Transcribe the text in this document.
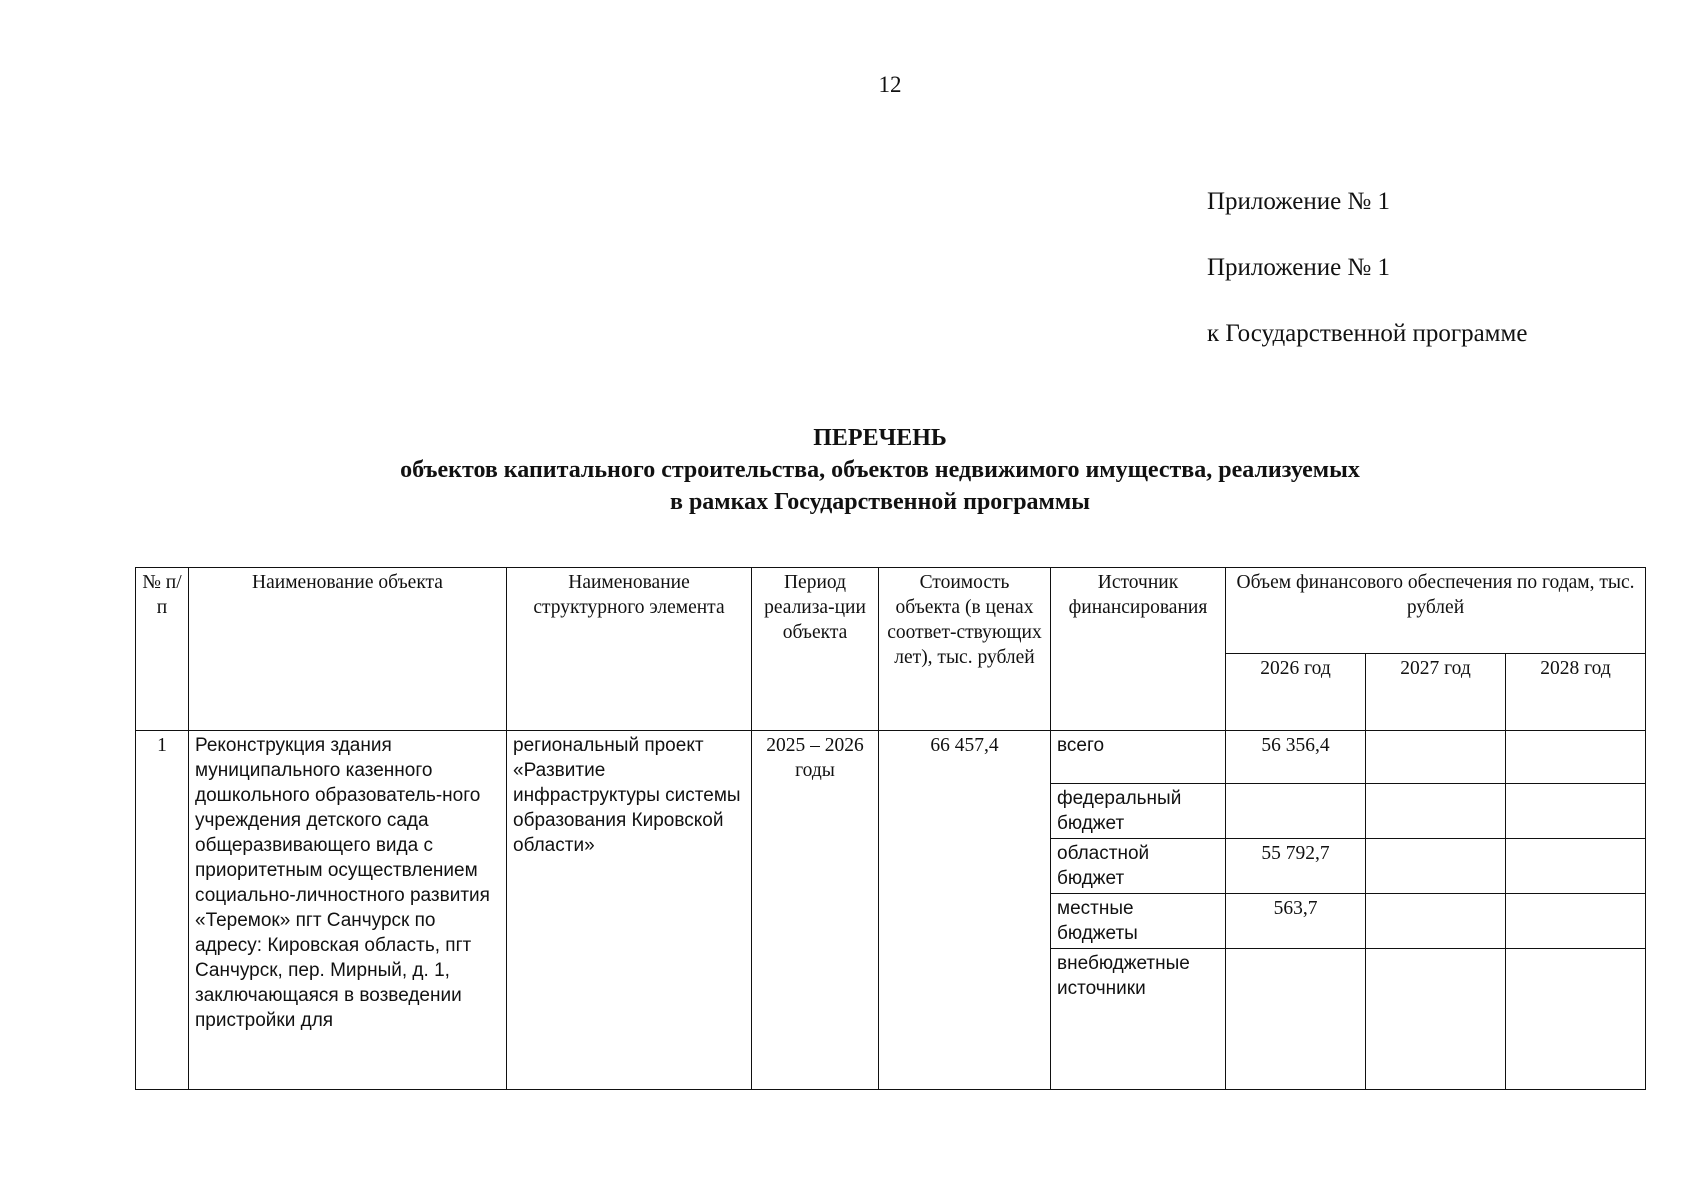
12
Приложение № 1
Приложение № 1
к Государственной программе
ПЕРЕЧЕНЬ
объектов капитального строительства, объектов недвижимого имущества, реализуемых
в рамках Государственной программы
№ п/п	Наименование объекта	Наименование структурного элемента	Период реализа-ции объекта	Стоимость объекта (в ценах соответ-ствующих лет), тыс. рублей	Источник финансирования	Объем финансового обеспечения по годам, тыс. рублей		
						2026 год	2027 год	2028 год
1	Реконструкция здания муниципального казенного дошкольного образователь-ного учреждения детского сада общеразвивающего вида с приоритетным осуществлением социально-личностного развития «Теремок» пгт Санчурск по адресу: Кировская область, пгт Санчурск, пер. Мирный, д. 1, заключающаяся в возведении пристройки для	региональный проект «Развитие инфраструктуры системы образования Кировской области»	2025 – 2026 годы	66 457,4	всего	56 356,4		
					федеральный бюджет			
					областной бюджет	55 792,7		
					местные бюджеты	563,7		
					внебюджетные источники			
